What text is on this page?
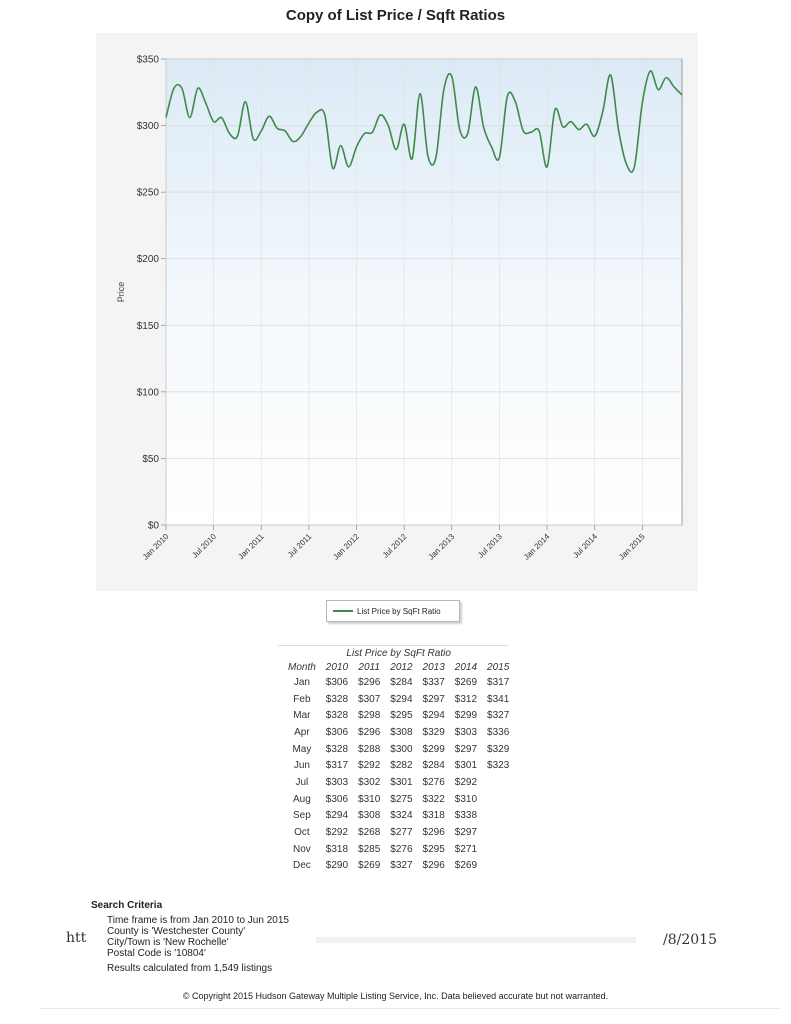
Copy of List Price / Sqft Ratios
$0
$50
$100
$150
$200
$250
$300
$350
Jan 2010 Jul 2010 Jan 2011	Jul 2011 Jan 2012 Jul 2012 Jan 2013 Jul 2013 Jan 2014 Jul 2014 Jan 2015
Price
List Price by SqFt Ratio
List Price by SqFt Ratio
Month	2010	2011	2012	2013	2014	2015
Jan	$306	$296	$284	$337	$269	$317
Feb	$328	$307	$294	$297	$312	$341
Mar	$328	$298	$295	$294	$299	$327
Apr	$306	$296	$308	$329	$303	$336
May	$328	$288	$300	$299	$297	$329
Jun	$317	$292	$282	$284	$301	$323
Jul	$303	$302	$301	$276	$292	
Aug	$306	$310	$275	$322	$310	
Sep	$294	$308	$324	$318	$338	
Oct	$292	$268	$277	$296	$297	
Nov	$318	$285	$276	$295	$271	
Dec	$290	$269	$327	$296	$269	
htt	/8/2015
Search Criteria
Time frame is from Jan 2010 to Jun 2015
County is 'Westchester County'
City/Town is 'New Rochelle'
Postal Code is '10804'
Results calculated from 1,549 listings
© Copyright 2015 Hudson Gateway Multiple Listing Service, Inc. Data believed accurate but not warranted.
